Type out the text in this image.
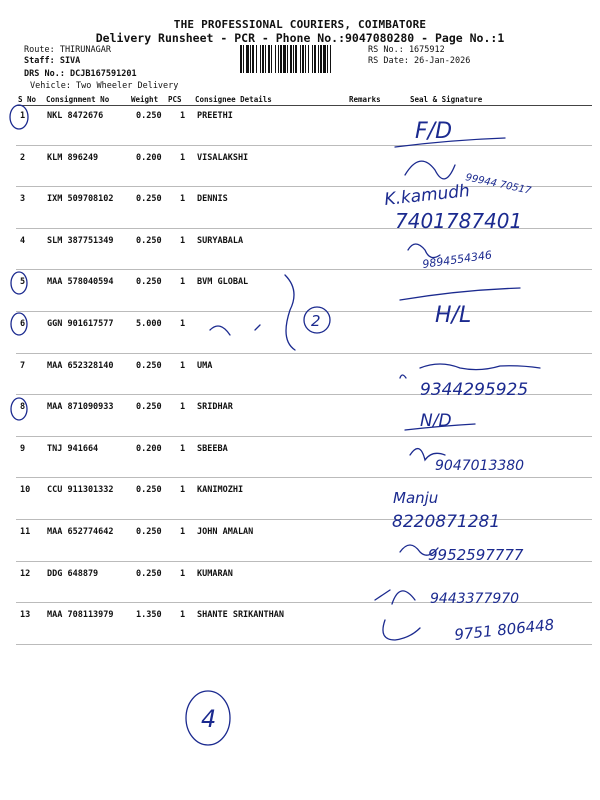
THE PROFESSIONAL COURIERS, COIMBATORE
Delivery Runsheet - PCR - Phone No.:9047080280 - Page No.:1
Route: THIRUNAGAR
Staff: SIVA
DRS No.: DCJB167591201
Vehicle: Two Wheeler Delivery
RS No.: 1675912
RS Date: 26-Jan-2026
S No Consignment No	Weight PCS Consignee Details	Remarks	Seal & Signature
1	NKL 8472676	0.250 1 PREETHI
2	KLM 896249	0.200 1 VISALAKSHI
3	IXM 509708102	0.250 1 DENNIS
4	SLM 387751349	0.250 1 SURYABALA
5	MAA 578040594	0.250 1 BVM GLOBAL
6	GGN 901617577	5.000 1
7	MAA 652328140	0.250 1 UMA
8	MAA 871090933	0.250 1 SRIDHAR
9	TNJ 941664	0.200 1 SBEEBA
10 CCU 911301332	0.250 1 KANIMOZHI
11 MAA 652774642	0.250 1 JOHN AMALAN
12 DDG 648879	0.250 1 KUMARAN
13 MAA 708113979	1.350 1 SHANTE SRIKANTHAN
F/D
99944 70517
K.kamudh
7401787401
9894554346
H/L
2
9344295925
N/D
9047013380
Manju
8220871281
9952597777
9443377970
9751 806448
4
